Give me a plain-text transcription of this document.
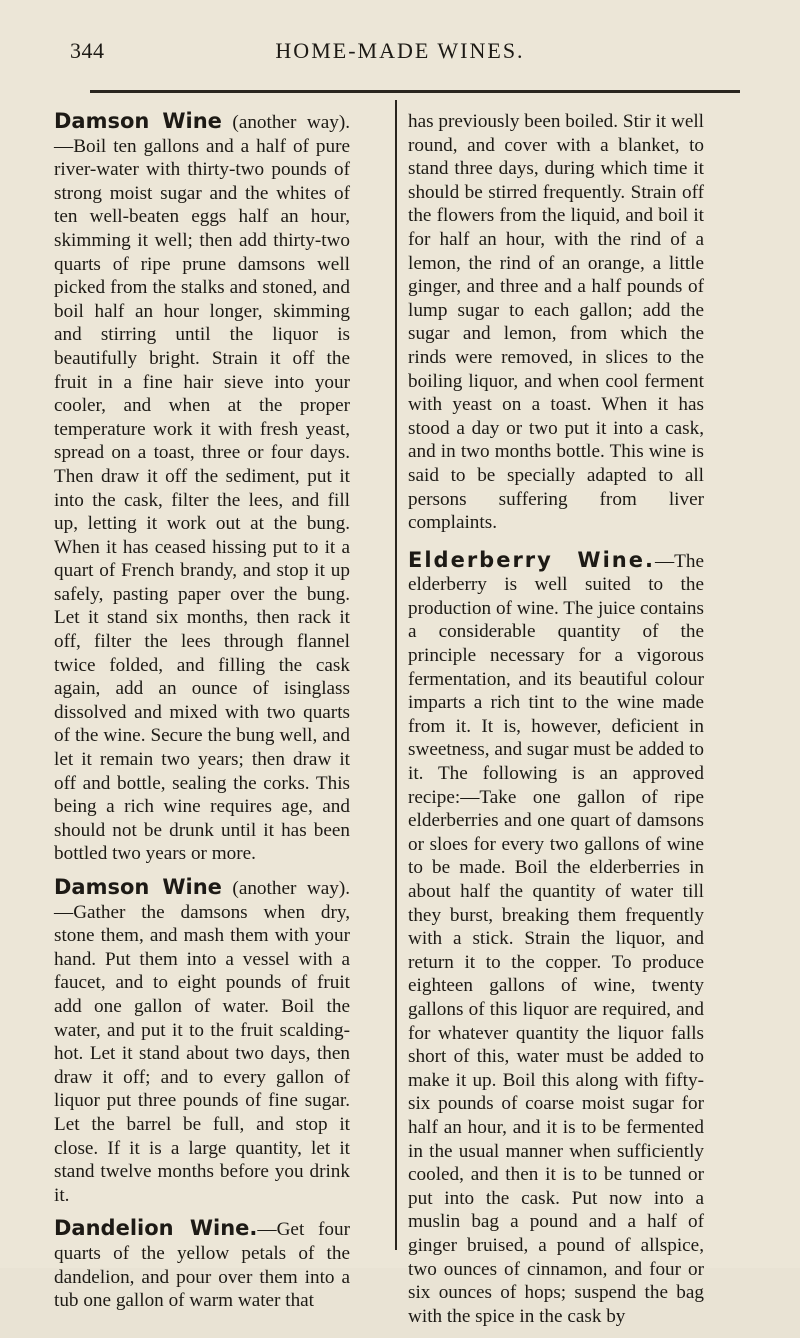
344	HOME-MADE WINES.

Damson Wine (another way).—Boil ten gallons and a half of pure river-water with thirty-two pounds of strong moist sugar and the whites of ten well-beaten eggs half an hour, skimming it well; then add thirty-two quarts of ripe prune damsons well picked from the stalks and stoned, and boil half an hour longer, skimming and stirring until the liquor is beautifully bright. Strain it off the fruit in a fine hair sieve into your cooler, and when at the proper temperature work it with fresh yeast, spread on a toast, three or four days. Then draw it off the sediment, put it into the cask, filter the lees, and fill up, letting it work out at the bung. When it has ceased hissing put to it a quart of French brandy, and stop it up safely, pasting paper over the bung. Let it stand six months, then rack it off, filter the lees through flannel twice folded, and filling the cask again, add an ounce of isinglass dissolved and mixed with two quarts of the wine. Secure the bung well, and let it remain two years; then draw it off and bottle, sealing the corks. This being a rich wine requires age, and should not be drunk until it has been bottled two years or more.

Damson Wine (another way).—Gather the damsons when dry, stone them, and mash them with your hand. Put them into a vessel with a faucet, and to eight pounds of fruit add one gallon of water. Boil the water, and put it to the fruit scalding-hot. Let it stand about two days, then draw it off; and to every gallon of liquor put three pounds of fine sugar. Let the barrel be full, and stop it close. If it is a large quantity, let it stand twelve months before you drink it.

Dandelion Wine.—Get four quarts of the yellow petals of the dandelion, and pour over them into a tub one gallon of warm water that

has previously been boiled. Stir it well round, and cover with a blanket, to stand three days, during which time it should be stirred frequently. Strain off the flowers from the liquid, and boil it for half an hour, with the rind of a lemon, the rind of an orange, a little ginger, and three and a half pounds of lump sugar to each gallon; add the sugar and lemon, from which the rinds were removed, in slices to the boiling liquor, and when cool ferment with yeast on a toast. When it has stood a day or two put it into a cask, and in two months bottle. This wine is said to be specially adapted to all persons suffering from liver complaints.

Elderberry Wine.—The elderberry is well suited to the production of wine. The juice contains a considerable quantity of the principle necessary for a vigorous fermentation, and its beautiful colour imparts a rich tint to the wine made from it. It is, however, deficient in sweetness, and sugar must be added to it. The following is an approved recipe:—Take one gallon of ripe elderberries and one quart of damsons or sloes for every two gallons of wine to be made. Boil the elderberries in about half the quantity of water till they burst, breaking them frequently with a stick. Strain the liquor, and return it to the copper. To produce eighteen gallons of wine, twenty gallons of this liquor are required, and for whatever quantity the liquor falls short of this, water must be added to make it up. Boil this along with fifty-six pounds of coarse moist sugar for half an hour, and it is to be fermented in the usual manner when sufficiently cooled, and then it is to be tunned or put into the cask. Put now into a muslin bag a pound and a half of ginger bruised, a pound of allspice, two ounces of cinnamon, and four or six ounces of hops; suspend the bag with the spice in the cask by
